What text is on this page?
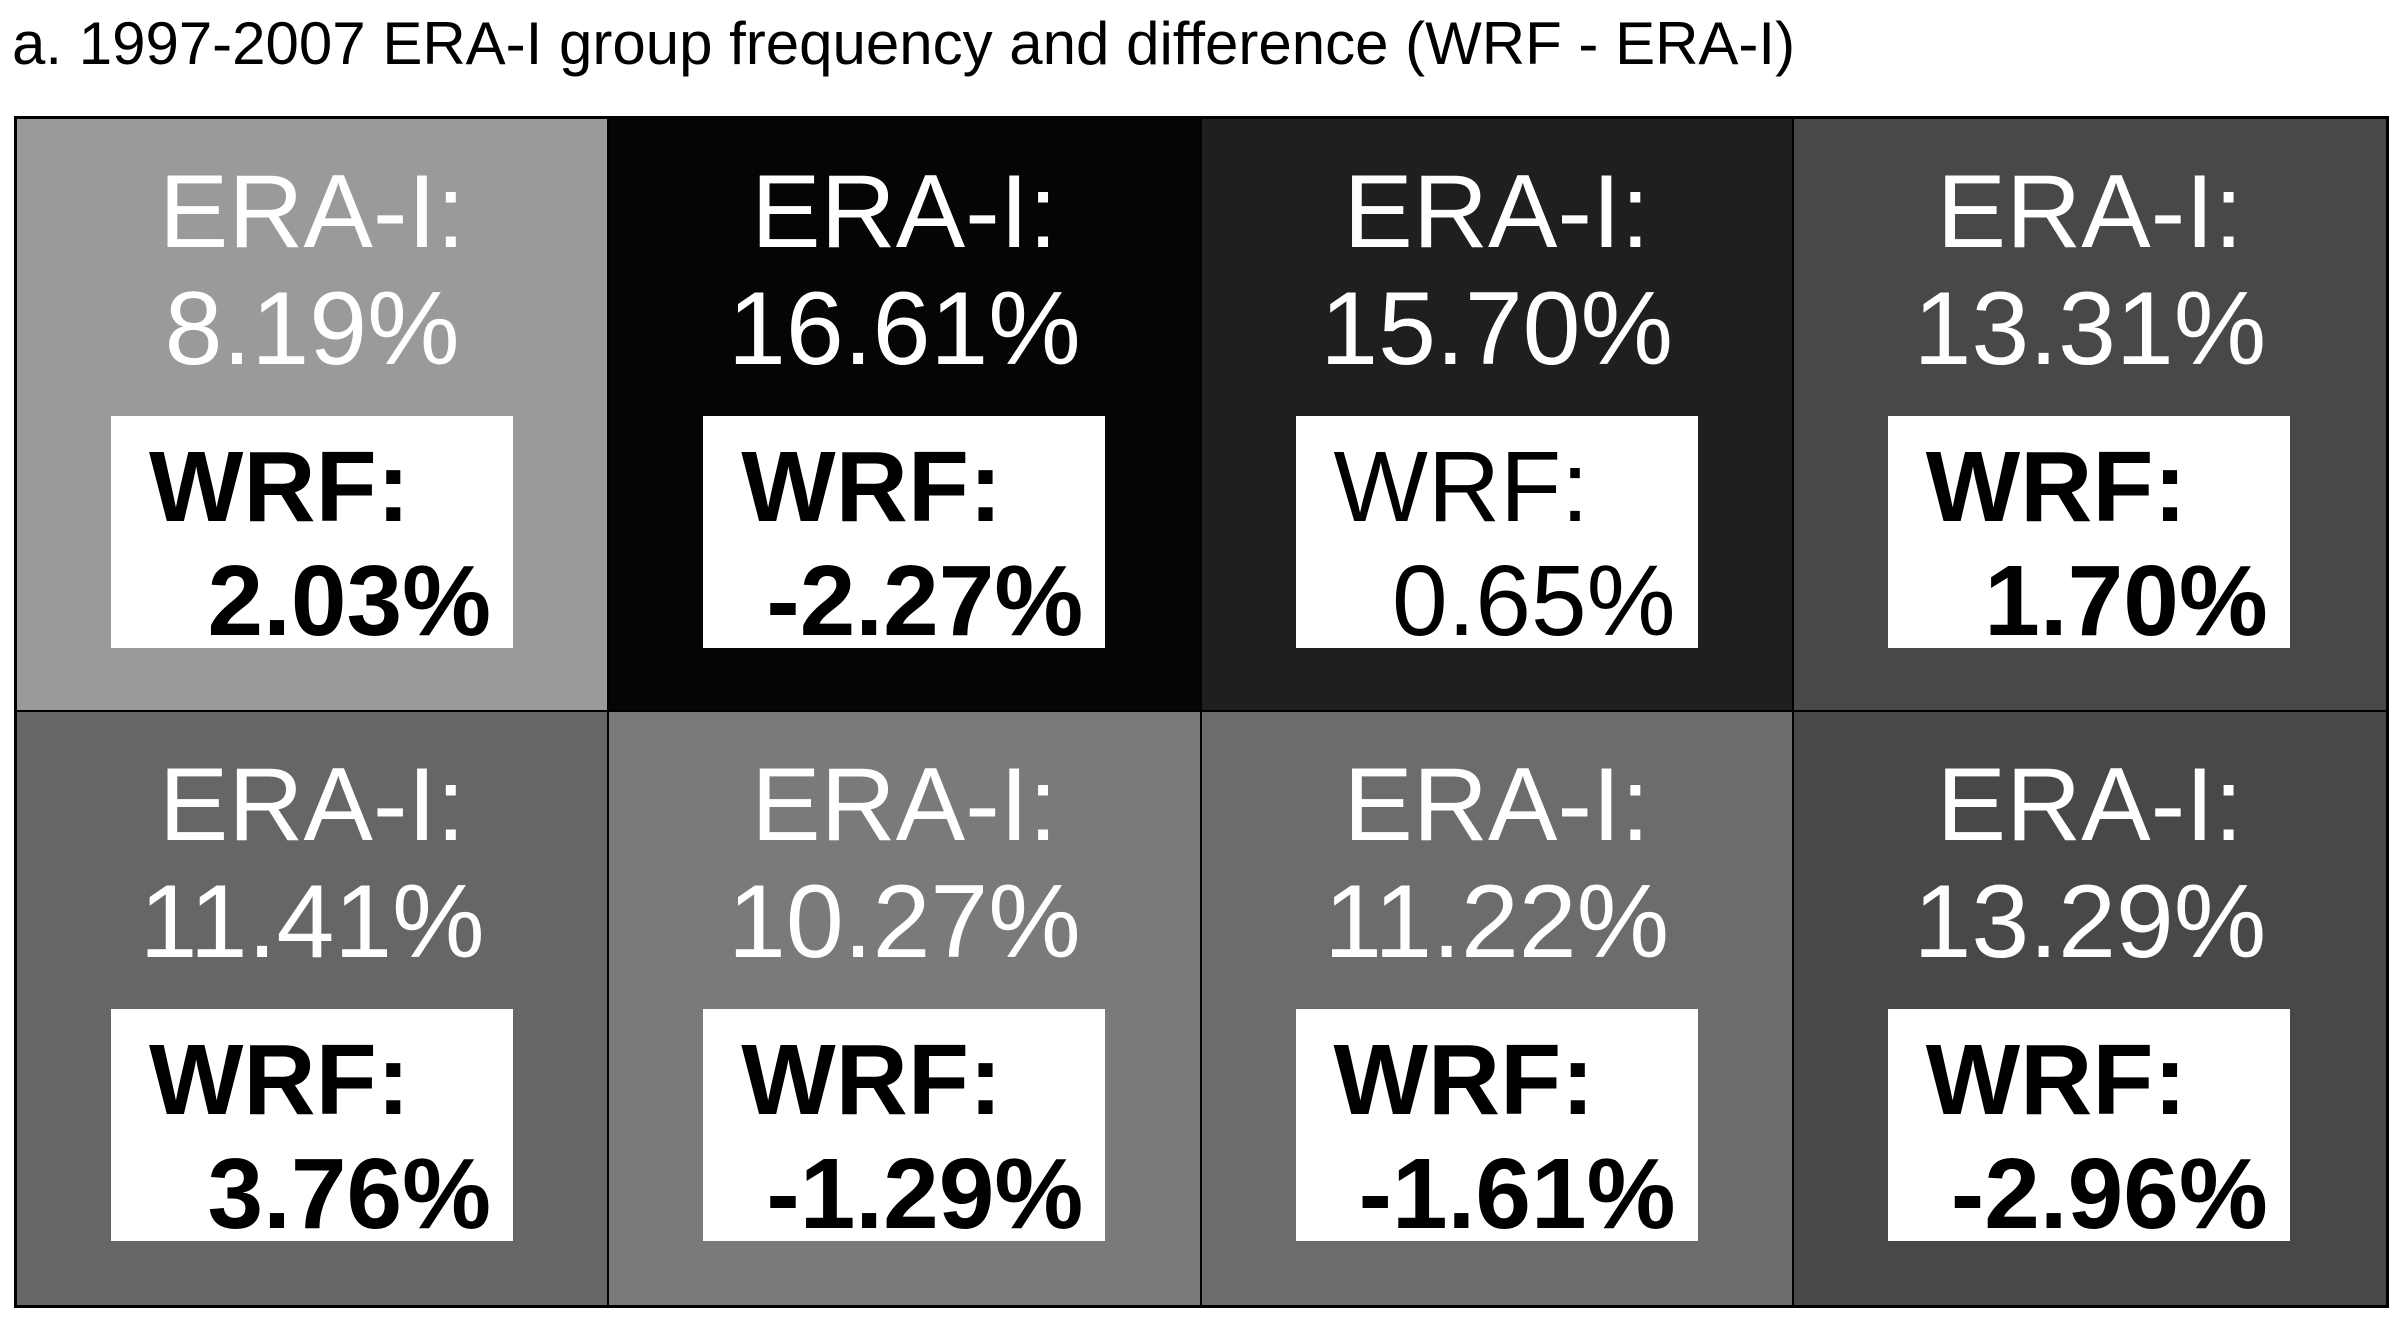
a. 1997-2007 ERA-I group frequency and difference (WRF - ERA-I)
ERA-I:
8.19%
WRF:
2.03%
ERA-I:
16.61%
WRF:
-2.27%
ERA-I:
15.70%
WRF:
0.65%
ERA-I:
13.31%
WRF:
1.70%
ERA-I:
11.41%
WRF:
3.76%
ERA-I:
10.27%
WRF:
-1.29%
ERA-I:
11.22%
WRF:
-1.61%
ERA-I:
13.29%
WRF:
-2.96%
